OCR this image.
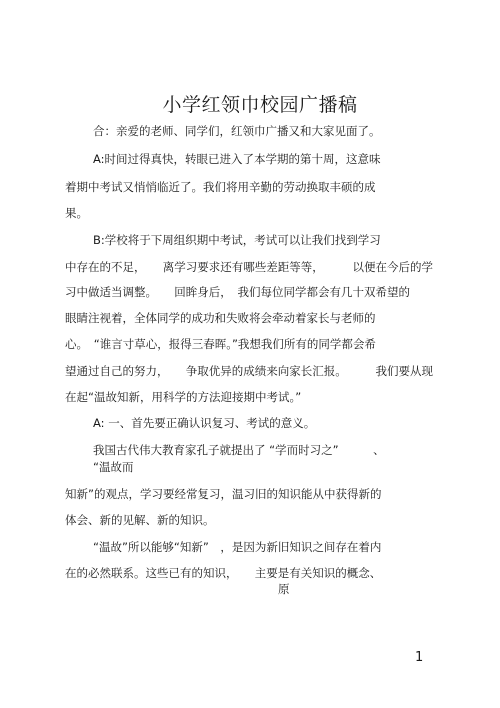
小学红领巾校园广播稿
合：亲爱的老师、同学们，红领巾广播又和大家见面了。
A:时间过得真快，转眼已进入了本学期的第十周，这意味
着期中考试又悄悄临近了。我们将用辛勤的劳动换取丰硕的成
果。
B:学校将于下周组织期中考试，考试可以让我们找到学习
中存在的不足，　　离学习要求还有哪些差距等等，　　　以便在今后的学
习中做适当调整。　　回眸身后，　我们每位同学都会有几十双希望的
眼睛注视着，全体同学的成功和失败将会牵动着家长与老师的
心。　“谁言寸草心，报得三春晖。”我想我们所有的同学都会希
望通过自己的努力，　　争取优异的成绩来向家长汇报。　　　我们要从现
在起“温故知新，用科学的方法迎接期中考试。”
A: 一、首先要正确认识复习、考试的意义。
我国古代伟大教育家孔子就提出了 “学而时习之”　　　、
“温故而
知新”的观点，学习要经常复习，温习旧的知识能从中获得新的
体会、新的见解、新的知识。
“温故”所以能够“知新”　，是因为新旧知识之间存在着内
在的必然联系。这些已有的知识，　　主要是有关知识的概念、
原
1
